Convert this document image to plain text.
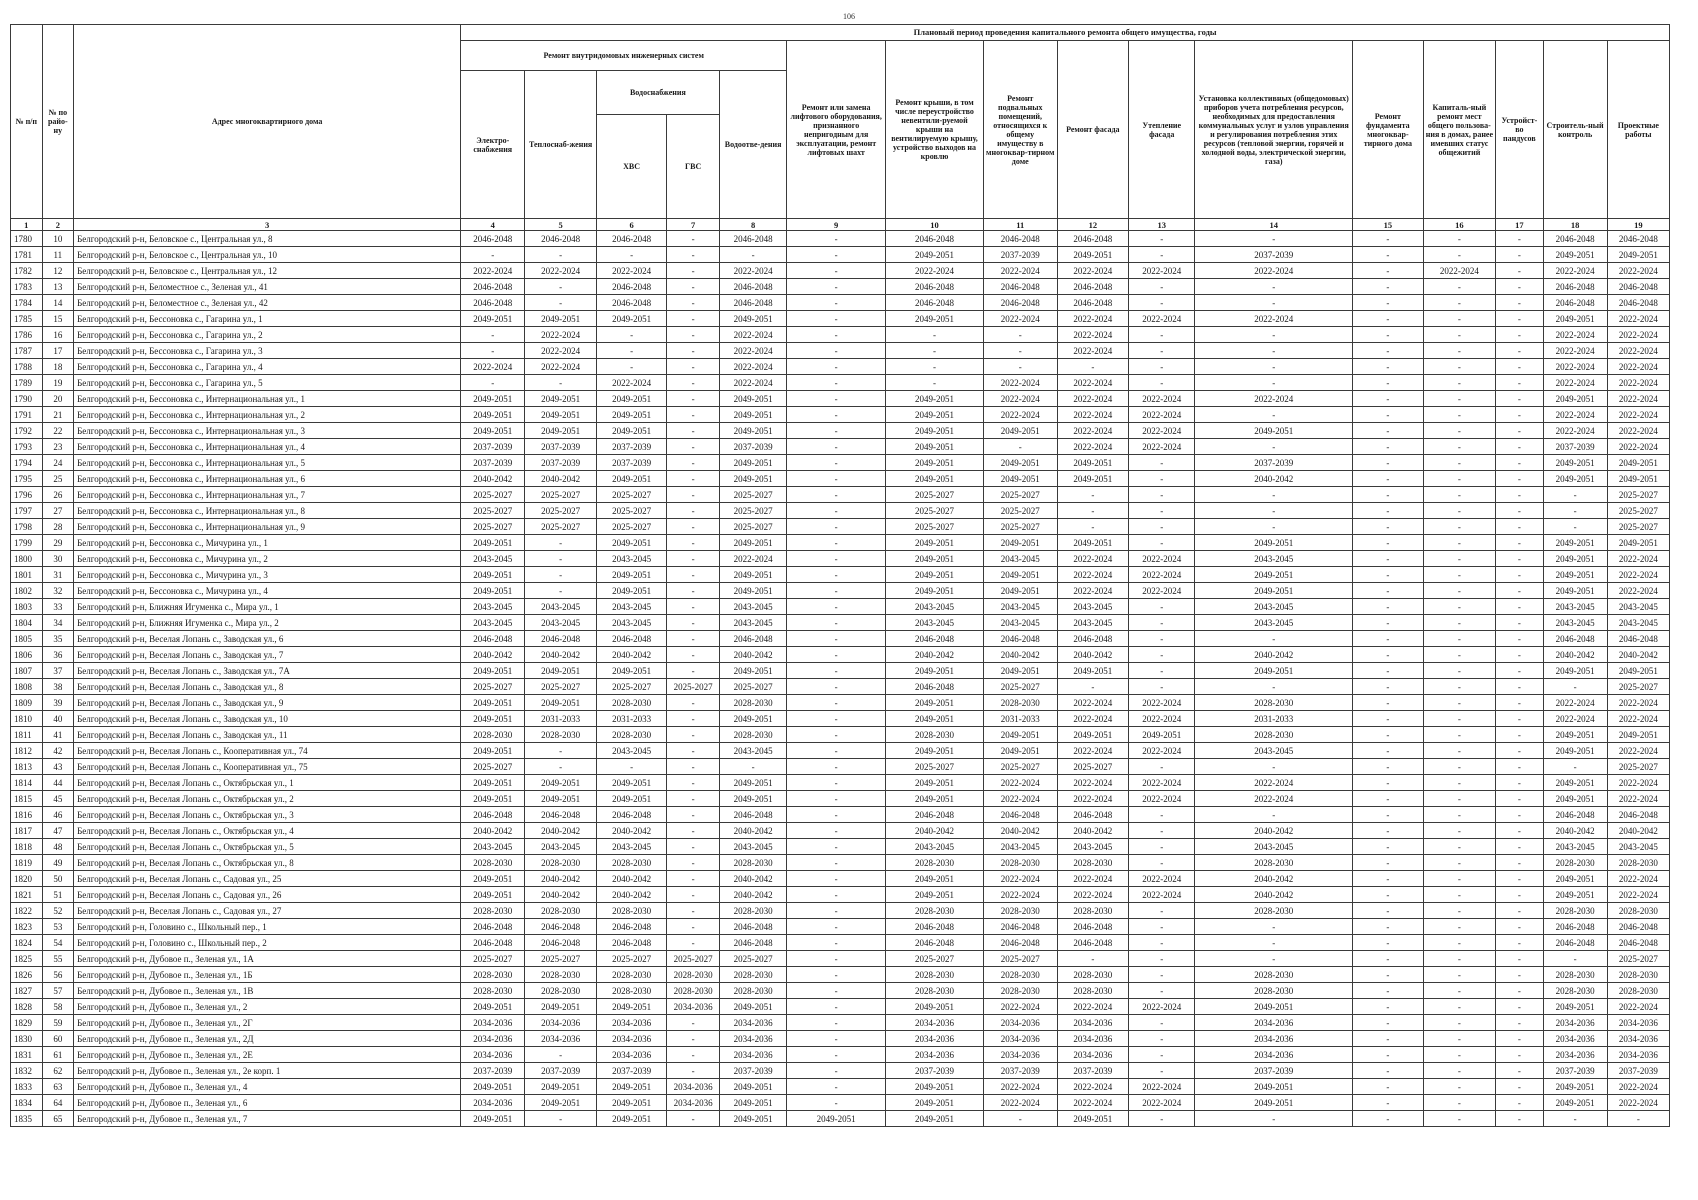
106
№ п/п	№ по райо-ну	Адрес многоквартирного дома	Плановый период проведения капитального ремонта общего имущества, годы															
			Ремонт внутридомовых инженерных систем					Ремонт или замена лифтового оборудования, признанного непригодным для эксплуатации, ремонт лифтовых шахт	Ремонт крыши, в том числе переустройство невентили-руемой крыши на вентилируемую крышу, устройство выходов на кровлю	Ремонт подвальных помещений, относящихся к общему имуществу в многоквар-тирном доме	Ремонт фасада	Утепление фасада	Установка коллективных (общедомовых) приборов учета потребления ресурсов, необходимых для предоставления коммунальных услуг и узлов управления и регулирования потребления этих ресурсов (тепловой энергии, горячей и холодной воды, электрической энергии, газа)	Ремонт фундамента многоквар-тирного дома	Капиталь-ный ремонт мест общего пользова-ния в домах, ранее имевших статус общежитий	Устройст-во пандусов	Строитель-ный контроль	Проектные работы
			Электро-снабжения	Теплоснаб-жения	Водоснабжения		Водоотве-дения											
					ХВС	ГВС												
1	2	3	4	5	6	7	8	9	10	11	12	13	14	15	16	17	18	19
1780	10	Белгородский р-н, Беловское с., Центральная ул., 8	2046-2048	2046-2048	2046-2048	-	2046-2048	-	2046-2048	2046-2048	2046-2048	-	-	-	-	-	2046-2048	2046-2048
1781	11	Белгородский р-н, Беловское с., Центральная ул., 10	-	-	-	-	-	-	2049-2051	2037-2039	2049-2051	-	2037-2039	-	-	-	2049-2051	2049-2051
1782	12	Белгородский р-н, Беловское с., Центральная ул., 12	2022-2024	2022-2024	2022-2024	-	2022-2024	-	2022-2024	2022-2024	2022-2024	2022-2024	2022-2024	-	2022-2024	-	2022-2024	2022-2024
1783	13	Белгородский р-н, Беломестное с., Зеленая ул., 41	2046-2048	-	2046-2048	-	2046-2048	-	2046-2048	2046-2048	2046-2048	-	-	-	-	-	2046-2048	2046-2048
1784	14	Белгородский р-н, Беломестное с., Зеленая ул., 42	2046-2048	-	2046-2048	-	2046-2048	-	2046-2048	2046-2048	2046-2048	-	-	-	-	-	2046-2048	2046-2048
1785	15	Белгородский р-н, Бессоновка с., Гагарина ул., 1	2049-2051	2049-2051	2049-2051	-	2049-2051	-	2049-2051	2022-2024	2022-2024	2022-2024	2022-2024	-	-	-	2049-2051	2022-2024
1786	16	Белгородский р-н, Бессоновка с., Гагарина ул., 2	-	2022-2024	-	-	2022-2024	-	-	-	2022-2024	-	-	-	-	-	2022-2024	2022-2024
1787	17	Белгородский р-н, Бессоновка с., Гагарина ул., 3	-	2022-2024	-	-	2022-2024	-	-	-	2022-2024	-	-	-	-	-	2022-2024	2022-2024
1788	18	Белгородский р-н, Бессоновка с., Гагарина ул., 4	2022-2024	2022-2024	-	-	2022-2024	-	-	-	-	-	-	-	-	-	2022-2024	2022-2024
1789	19	Белгородский р-н, Бессоновка с., Гагарина ул., 5	-	-	2022-2024	-	2022-2024	-	-	2022-2024	2022-2024	-	-	-	-	-	2022-2024	2022-2024
1790	20	Белгородский р-н, Бессоновка с., Интернациональная ул., 1	2049-2051	2049-2051	2049-2051	-	2049-2051	-	2049-2051	2022-2024	2022-2024	2022-2024	2022-2024	-	-	-	2049-2051	2022-2024
1791	21	Белгородский р-н, Бессоновка с., Интернациональная ул., 2	2049-2051	2049-2051	2049-2051	-	2049-2051	-	2049-2051	2022-2024	2022-2024	2022-2024	-	-	-	-	2022-2024	2022-2024
1792	22	Белгородский р-н, Бессоновка с., Интернациональная ул., 3	2049-2051	2049-2051	2049-2051	-	2049-2051	-	2049-2051	2049-2051	2022-2024	2022-2024	2049-2051	-	-	-	2022-2024	2022-2024
1793	23	Белгородский р-н, Бессоновка с., Интернациональная ул., 4	2037-2039	2037-2039	2037-2039	-	2037-2039	-	2049-2051	-	2022-2024	2022-2024	-	-	-	-	2037-2039	2022-2024
1794	24	Белгородский р-н, Бессоновка с., Интернациональная ул., 5	2037-2039	2037-2039	2037-2039	-	2049-2051	-	2049-2051	2049-2051	2049-2051	-	2037-2039	-	-	-	2049-2051	2049-2051
1795	25	Белгородский р-н, Бессоновка с., Интернациональная ул., 6	2040-2042	2040-2042	2049-2051	-	2049-2051	-	2049-2051	2049-2051	2049-2051	-	2040-2042	-	-	-	2049-2051	2049-2051
1796	26	Белгородский р-н, Бессоновка с., Интернациональная ул., 7	2025-2027	2025-2027	2025-2027	-	2025-2027	-	2025-2027	2025-2027	-	-	-	-	-	-	-	2025-2027
1797	27	Белгородский р-н, Бессоновка с., Интернациональная ул., 8	2025-2027	2025-2027	2025-2027	-	2025-2027	-	2025-2027	2025-2027	-	-	-	-	-	-	-	2025-2027
1798	28	Белгородский р-н, Бессоновка с., Интернациональная ул., 9	2025-2027	2025-2027	2025-2027	-	2025-2027	-	2025-2027	2025-2027	-	-	-	-	-	-	-	2025-2027
1799	29	Белгородский р-н, Бессоновка с., Мичурина ул., 1	2049-2051	-	2049-2051	-	2049-2051	-	2049-2051	2049-2051	2049-2051	-	2049-2051	-	-	-	2049-2051	2049-2051
1800	30	Белгородский р-н, Бессоновка с., Мичурина ул., 2	2043-2045	-	2043-2045	-	2022-2024	-	2049-2051	2043-2045	2022-2024	2022-2024	2043-2045	-	-	-	2049-2051	2022-2024
1801	31	Белгородский р-н, Бессоновка с., Мичурина ул., 3	2049-2051	-	2049-2051	-	2049-2051	-	2049-2051	2049-2051	2022-2024	2022-2024	2049-2051	-	-	-	2049-2051	2022-2024
1802	32	Белгородский р-н, Бессоновка с., Мичурина ул., 4	2049-2051	-	2049-2051	-	2049-2051	-	2049-2051	2049-2051	2022-2024	2022-2024	2049-2051	-	-	-	2049-2051	2022-2024
1803	33	Белгородский р-н, Ближняя Игуменка с., Мира ул., 1	2043-2045	2043-2045	2043-2045	-	2043-2045	-	2043-2045	2043-2045	2043-2045	-	2043-2045	-	-	-	2043-2045	2043-2045
1804	34	Белгородский р-н, Ближняя Игуменка с., Мира ул., 2	2043-2045	2043-2045	2043-2045	-	2043-2045	-	2043-2045	2043-2045	2043-2045	-	2043-2045	-	-	-	2043-2045	2043-2045
1805	35	Белгородский р-н, Веселая Лопань с., Заводская ул., 6	2046-2048	2046-2048	2046-2048	-	2046-2048	-	2046-2048	2046-2048	2046-2048	-	-	-	-	-	2046-2048	2046-2048
1806	36	Белгородский р-н, Веселая Лопань с., Заводская ул., 7	2040-2042	2040-2042	2040-2042	-	2040-2042	-	2040-2042	2040-2042	2040-2042	-	2040-2042	-	-	-	2040-2042	2040-2042
1807	37	Белгородский р-н, Веселая Лопань с., Заводская ул., 7А	2049-2051	2049-2051	2049-2051	-	2049-2051	-	2049-2051	2049-2051	2049-2051	-	2049-2051	-	-	-	2049-2051	2049-2051
1808	38	Белгородский р-н, Веселая Лопань с., Заводская ул., 8	2025-2027	2025-2027	2025-2027	2025-2027	2025-2027	-	2046-2048	2025-2027	-	-	-	-	-	-	-	2025-2027
1809	39	Белгородский р-н, Веселая Лопань с., Заводская ул., 9	2049-2051	2049-2051	2028-2030	-	2028-2030	-	2049-2051	2028-2030	2022-2024	2022-2024	2028-2030	-	-	-	2022-2024	2022-2024
1810	40	Белгородский р-н, Веселая Лопань с., Заводская ул., 10	2049-2051	2031-2033	2031-2033	-	2049-2051	-	2049-2051	2031-2033	2022-2024	2022-2024	2031-2033	-	-	-	2022-2024	2022-2024
1811	41	Белгородский р-н, Веселая Лопань с., Заводская ул., 11	2028-2030	2028-2030	2028-2030	-	2028-2030	-	2028-2030	2049-2051	2049-2051	2049-2051	2028-2030	-	-	-	2049-2051	2049-2051
1812	42	Белгородский р-н, Веселая Лопань с., Кооперативная ул., 74	2049-2051	-	2043-2045	-	2043-2045	-	2049-2051	2049-2051	2022-2024	2022-2024	2043-2045	-	-	-	2049-2051	2022-2024
1813	43	Белгородский р-н, Веселая Лопань с., Кооперативная ул., 75	2025-2027	-	-	-	-	-	2025-2027	2025-2027	2025-2027	-	-	-	-	-	-	2025-2027
1814	44	Белгородский р-н, Веселая Лопань с., Октябрьская ул., 1	2049-2051	2049-2051	2049-2051	-	2049-2051	-	2049-2051	2022-2024	2022-2024	2022-2024	2022-2024	-	-	-	2049-2051	2022-2024
1815	45	Белгородский р-н, Веселая Лопань с., Октябрьская ул., 2	2049-2051	2049-2051	2049-2051	-	2049-2051	-	2049-2051	2022-2024	2022-2024	2022-2024	2022-2024	-	-	-	2049-2051	2022-2024
1816	46	Белгородский р-н, Веселая Лопань с., Октябрьская ул., 3	2046-2048	2046-2048	2046-2048	-	2046-2048	-	2046-2048	2046-2048	2046-2048	-	-	-	-	-	2046-2048	2046-2048
1817	47	Белгородский р-н, Веселая Лопань с., Октябрьская ул., 4	2040-2042	2040-2042	2040-2042	-	2040-2042	-	2040-2042	2040-2042	2040-2042	-	2040-2042	-	-	-	2040-2042	2040-2042
1818	48	Белгородский р-н, Веселая Лопань с., Октябрьская ул., 5	2043-2045	2043-2045	2043-2045	-	2043-2045	-	2043-2045	2043-2045	2043-2045	-	2043-2045	-	-	-	2043-2045	2043-2045
1819	49	Белгородский р-н, Веселая Лопань с., Октябрьская ул., 8	2028-2030	2028-2030	2028-2030	-	2028-2030	-	2028-2030	2028-2030	2028-2030	-	2028-2030	-	-	-	2028-2030	2028-2030
1820	50	Белгородский р-н, Веселая Лопань с., Садовая ул., 25	2049-2051	2040-2042	2040-2042	-	2040-2042	-	2049-2051	2022-2024	2022-2024	2022-2024	2040-2042	-	-	-	2049-2051	2022-2024
1821	51	Белгородский р-н, Веселая Лопань с., Садовая ул., 26	2049-2051	2040-2042	2040-2042	-	2040-2042	-	2049-2051	2022-2024	2022-2024	2022-2024	2040-2042	-	-	-	2049-2051	2022-2024
1822	52	Белгородский р-н, Веселая Лопань с., Садовая ул., 27	2028-2030	2028-2030	2028-2030	-	2028-2030	-	2028-2030	2028-2030	2028-2030	-	2028-2030	-	-	-	2028-2030	2028-2030
1823	53	Белгородский р-н, Головино с., Школьный пер., 1	2046-2048	2046-2048	2046-2048	-	2046-2048	-	2046-2048	2046-2048	2046-2048	-	-	-	-	-	2046-2048	2046-2048
1824	54	Белгородский р-н, Головино с., Школьный пер., 2	2046-2048	2046-2048	2046-2048	-	2046-2048	-	2046-2048	2046-2048	2046-2048	-	-	-	-	-	2046-2048	2046-2048
1825	55	Белгородский р-н, Дубовое п., Зеленая ул., 1А	2025-2027	2025-2027	2025-2027	2025-2027	2025-2027	-	2025-2027	2025-2027	-	-	-	-	-	-	-	2025-2027
1826	56	Белгородский р-н, Дубовое п., Зеленая ул., 1Б	2028-2030	2028-2030	2028-2030	2028-2030	2028-2030	-	2028-2030	2028-2030	2028-2030	-	2028-2030	-	-	-	2028-2030	2028-2030
1827	57	Белгородский р-н, Дубовое п., Зеленая ул., 1В	2028-2030	2028-2030	2028-2030	2028-2030	2028-2030	-	2028-2030	2028-2030	2028-2030	-	2028-2030	-	-	-	2028-2030	2028-2030
1828	58	Белгородский р-н, Дубовое п., Зеленая ул., 2	2049-2051	2049-2051	2049-2051	2034-2036	2049-2051	-	2049-2051	2022-2024	2022-2024	2022-2024	2049-2051	-	-	-	2049-2051	2022-2024
1829	59	Белгородский р-н, Дубовое п., Зеленая ул., 2Г	2034-2036	2034-2036	2034-2036	-	2034-2036	-	2034-2036	2034-2036	2034-2036	-	2034-2036	-	-	-	2034-2036	2034-2036
1830	60	Белгородский р-н, Дубовое п., Зеленая ул., 2Д	2034-2036	2034-2036	2034-2036	-	2034-2036	-	2034-2036	2034-2036	2034-2036	-	2034-2036	-	-	-	2034-2036	2034-2036
1831	61	Белгородский р-н, Дубовое п., Зеленая ул., 2Е	2034-2036	-	2034-2036	-	2034-2036	-	2034-2036	2034-2036	2034-2036	-	2034-2036	-	-	-	2034-2036	2034-2036
1832	62	Белгородский р-н, Дубовое п., Зеленая ул., 2е корп. 1	2037-2039	2037-2039	2037-2039	-	2037-2039	-	2037-2039	2037-2039	2037-2039	-	2037-2039	-	-	-	2037-2039	2037-2039
1833	63	Белгородский р-н, Дубовое п., Зеленая ул., 4	2049-2051	2049-2051	2049-2051	2034-2036	2049-2051	-	2049-2051	2022-2024	2022-2024	2022-2024	2049-2051	-	-	-	2049-2051	2022-2024
1834	64	Белгородский р-н, Дубовое п., Зеленая ул., 6	2034-2036	2049-2051	2049-2051	2034-2036	2049-2051	-	2049-2051	2022-2024	2022-2024	2022-2024	2049-2051	-	-	-	2049-2051	2022-2024
1835	65	Белгородский р-н, Дубовое п., Зеленая ул., 7	2049-2051	-	2049-2051	-	2049-2051	2049-2051	2049-2051	-	2049-2051	-	-	-	-	-	-	-
